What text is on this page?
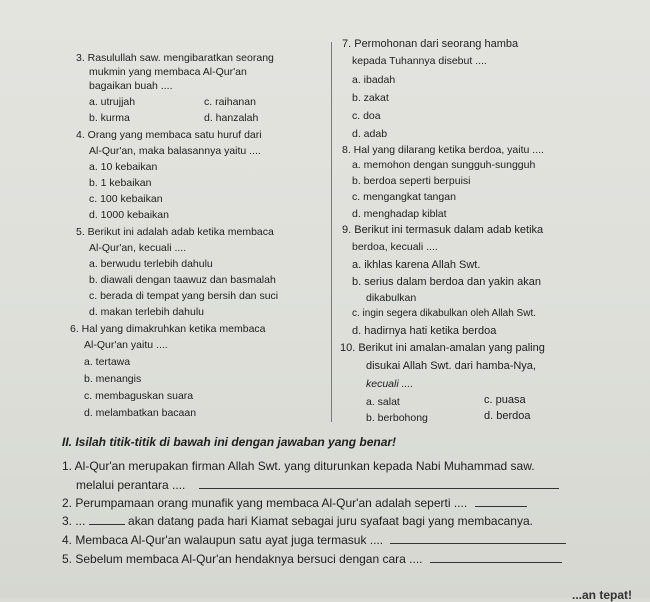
3. Rasulullah saw. mengibaratkan seorang
mukmin yang membaca Al-Qur'an
bagaikan buah ....
a. utrujjah	c. raihanan
b. kurma	d. hanzalah
4. Orang yang membaca satu huruf dari
Al-Qur'an, maka balasannya yaitu ....
a. 10 kebaikan
b. 1 kebaikan
c. 100 kebaikan
d. 1000 kebaikan
5. Berikut ini adalah adab ketika membaca
Al-Qur'an, kecuali ....
a. berwudu terlebih dahulu
b. diawali dengan taawuz dan basmalah
c. berada di tempat yang bersih dan suci
d. makan terlebih dahulu
6. Hal yang dimakruhkan ketika membaca
Al-Qur'an yaitu ....
a. tertawa
b. menangis
c. membaguskan suara
d. melambatkan bacaan
7. Permohonan dari seorang hamba
kepada Tuhannya disebut ....
a. ibadah
b. zakat
c. doa
d. adab
8. Hal yang dilarang ketika berdoa, yaitu ....
a. memohon dengan sungguh-sungguh
b. berdoa seperti berpuisi
c. mengangkat tangan
d. menghadap kiblat
9. Berikut ini termasuk dalam adab ketika
berdoa, kecuali ....
a. ikhlas karena Allah Swt.
b. serius dalam berdoa dan yakin akan
dikabulkan
c. ingin segera dikabulkan oleh Allah Swt.
d. hadirnya hati ketika berdoa
10. Berikut ini amalan-amalan yang paling
disukai Allah Swt. dari hamba-Nya,
kecuali ....
a. salat	c. puasa
b. berbohong	d. berdoa
II. Isilah titik-titik di bawah ini dengan jawaban yang benar!
1. Al-Qur'an merupakan firman Allah Swt. yang diturunkan kepada Nabi Muhammad saw.
melalui perantara ....
2. Perumpamaan orang munafik yang membaca Al-Qur'an adalah seperti ....
3. ...	akan datang pada hari Kiamat sebagai juru syafaat bagi yang membacanya.
4. Membaca Al-Qur'an walaupun satu ayat juga termasuk ....
5. Sebelum membaca Al-Qur'an hendaknya bersuci dengan cara ....
...an tepat!
